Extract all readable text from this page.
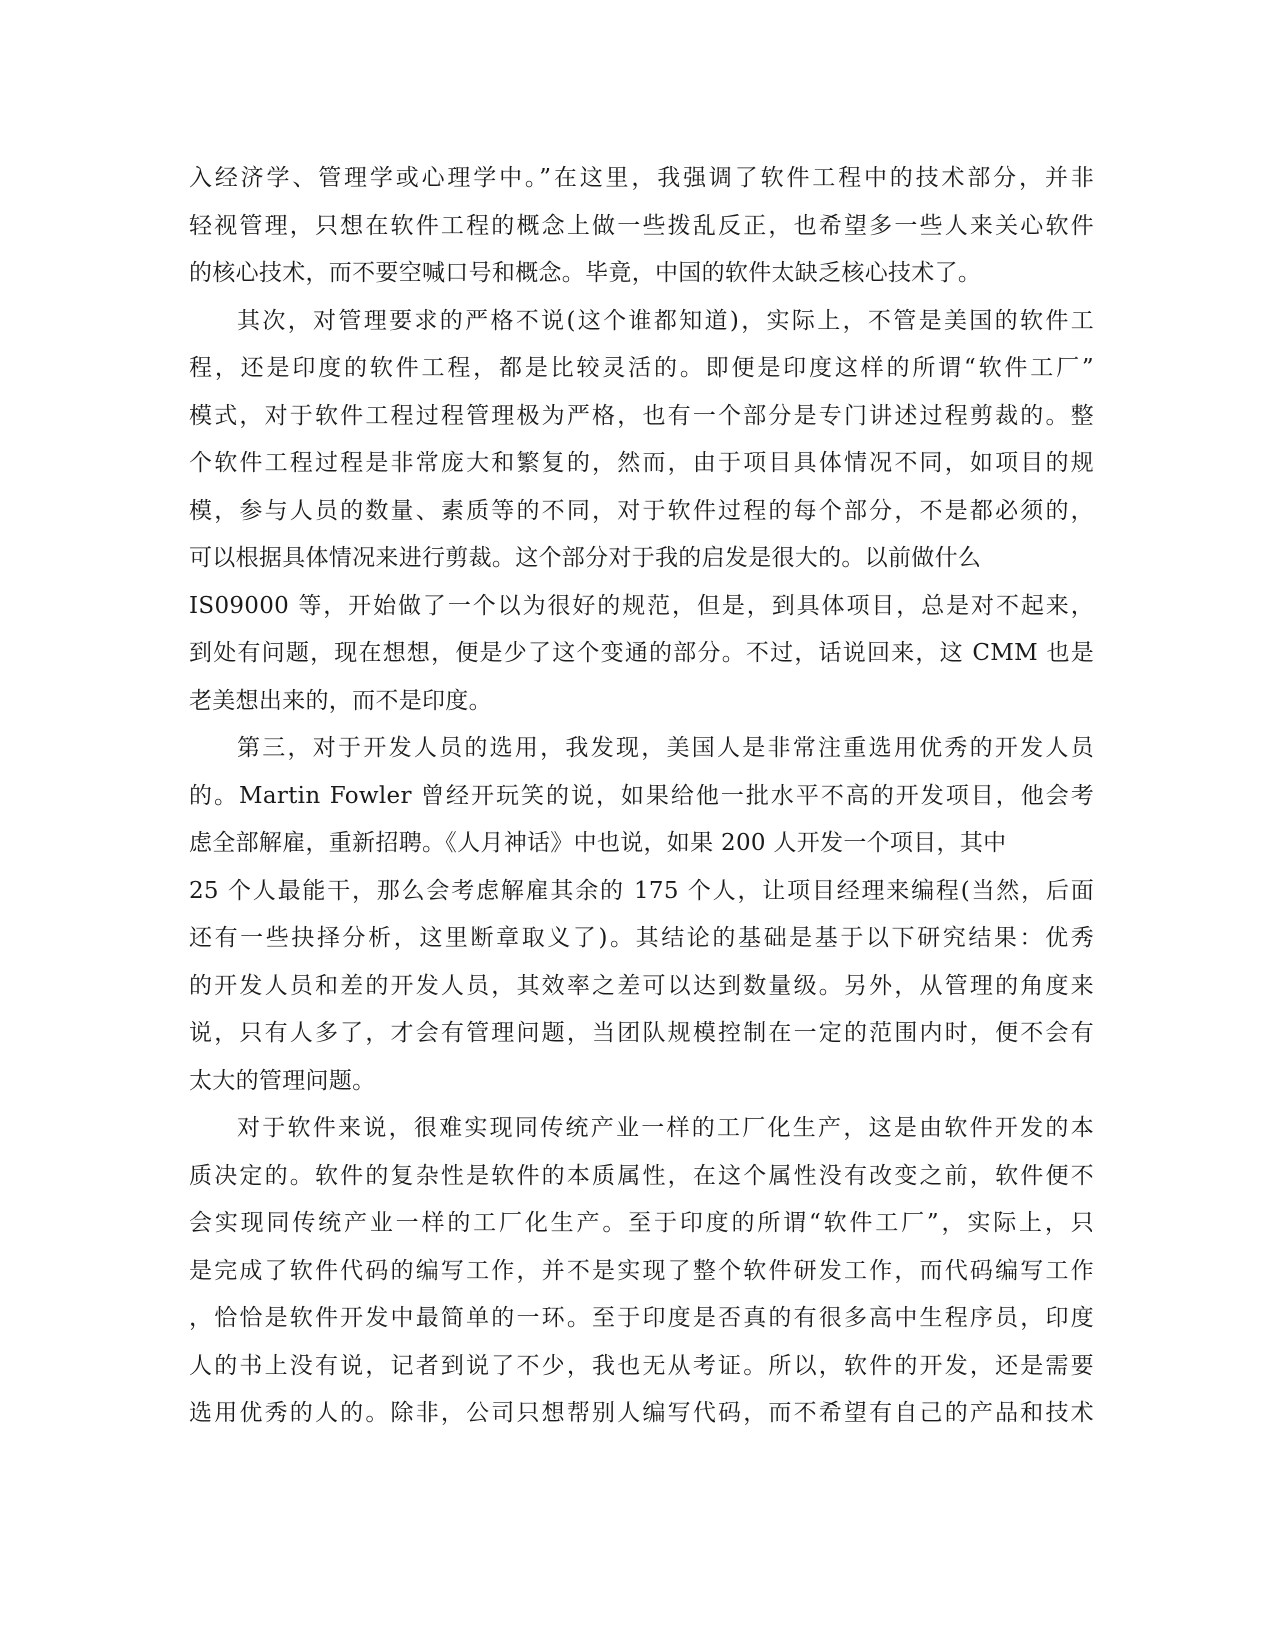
入经济学、管理学或心理学中。”在这里，我强调了软件工程中的技术部分，并非
轻视管理，只想在软件工程的概念上做一些拨乱反正，也希望多一些人来关心软件
的核心技术，而不要空喊口号和概念。毕竟，中国的软件太缺乏核心技术了。
其次，对管理要求的严格不说(这个谁都知道)，实际上，不管是美国的软件工
程，还是印度的软件工程，都是比较灵活的。即便是印度这样的所谓“软件工厂”
模式，对于软件工程过程管理极为严格，也有一个部分是专门讲述过程剪裁的。整
个软件工程过程是非常庞大和繁复的，然而，由于项目具体情况不同，如项目的规
模，参与人员的数量、素质等的不同，对于软件过程的每个部分，不是都必须的，
可以根据具体情况来进行剪裁。这个部分对于我的启发是很大的。以前做什么
IS09000 等，开始做了一个以为很好的规范，但是，到具体项目，总是对不起来，
到处有问题，现在想想，便是少了这个变通的部分。不过，话说回来，这 CMM 也是
老美想出来的，而不是印度。
第三，对于开发人员的选用，我发现，美国人是非常注重选用优秀的开发人员
的。Martin Fowler 曾经开玩笑的说，如果给他一批水平不高的开发项目，他会考
虑全部解雇，重新招聘。《人月神话》中也说，如果 200 人开发一个项目，其中
25 个人最能干，那么会考虑解雇其余的 175 个人，让项目经理来编程(当然，后面
还有一些抉择分析，这里断章取义了)。其结论的基础是基于以下研究结果：优秀
的开发人员和差的开发人员，其效率之差可以达到数量级。另外，从管理的角度来
说，只有人多了，才会有管理问题，当团队规模控制在一定的范围内时，便不会有
太大的管理问题。
对于软件来说，很难实现同传统产业一样的工厂化生产，这是由软件开发的本
质决定的。软件的复杂性是软件的本质属性，在这个属性没有改变之前，软件便不
会实现同传统产业一样的工厂化生产。至于印度的所谓“软件工厂”，实际上，只
是完成了软件代码的编写工作，并不是实现了整个软件研发工作，而代码编写工作
，恰恰是软件开发中最简单的一环。至于印度是否真的有很多高中生程序员，印度
人的书上没有说，记者到说了不少，我也无从考证。所以，软件的开发，还是需要
选用优秀的人的。除非，公司只想帮别人编写代码，而不希望有自己的产品和技术
